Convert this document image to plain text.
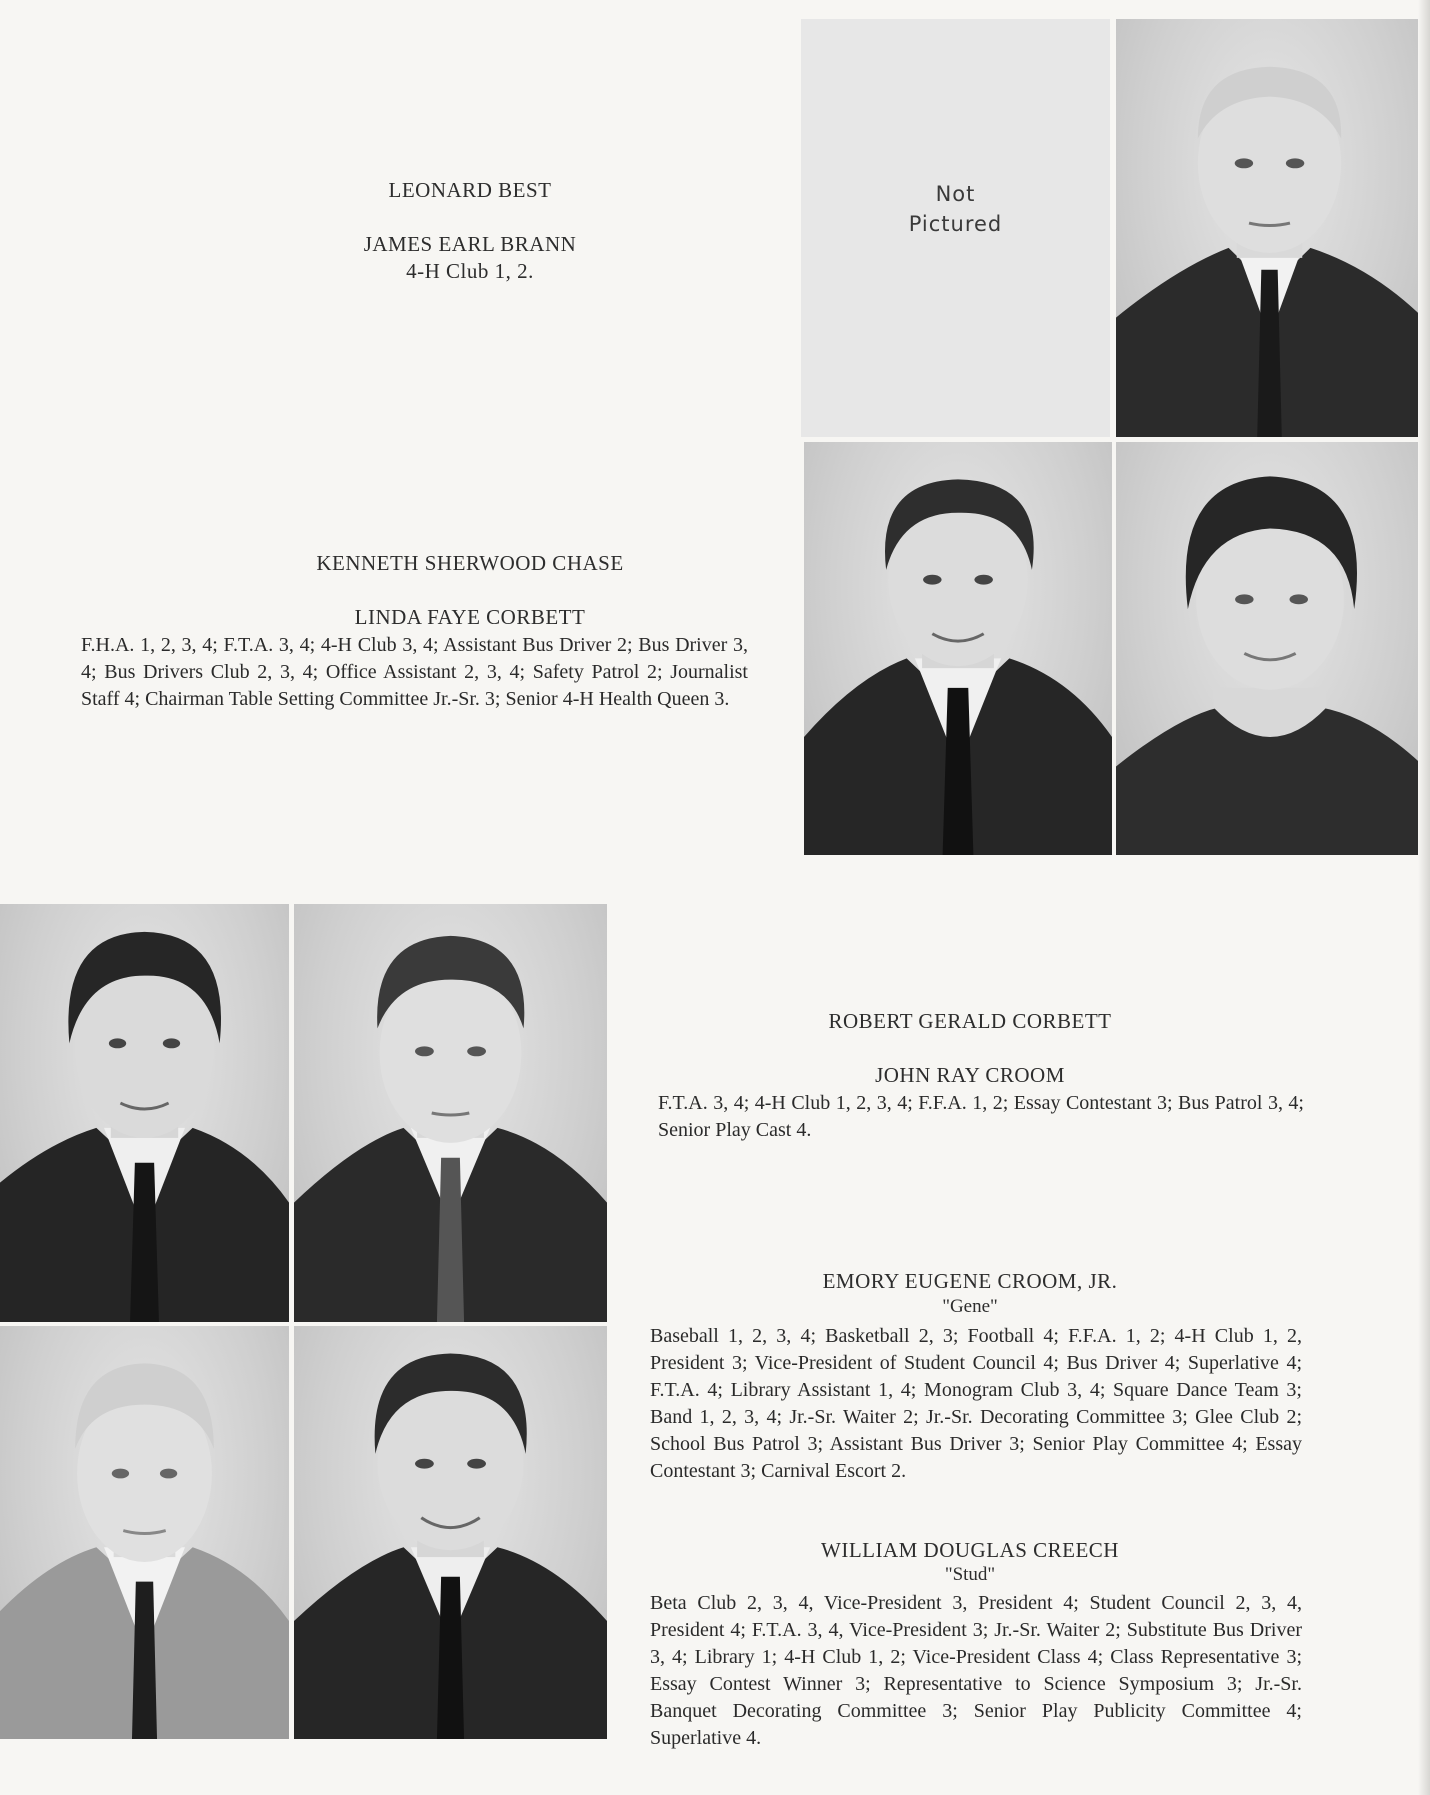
LEONARD BEST
JAMES EARL BRANN
4-H Club 1, 2.
Not
Pictured
KENNETH SHERWOOD CHASE
LINDA FAYE CORBETT
F.H.A. 1, 2, 3, 4; F.T.A. 3, 4; 4-H Club 3, 4; Assistant Bus Driver 2; Bus Driver 3, 4; Bus Drivers Club 2, 3, 4; Office Assistant 2, 3, 4; Safety Patrol 2; Journalist Staff 4; Chairman Table Setting Committee Jr.-Sr. 3; Senior 4-H Health Queen 3.
ROBERT GERALD CORBETT
JOHN RAY CROOM
F.T.A. 3, 4; 4-H Club 1, 2, 3, 4; F.F.A. 1, 2; Essay Contestant 3; Bus Patrol 3, 4; Senior Play Cast 4.
EMORY EUGENE CROOM, JR.
"Gene"
Baseball 1, 2, 3, 4; Basketball 2, 3; Football 4; F.F.A. 1, 2; 4-H Club 1, 2, President 3; Vice-President of Student Council 4; Bus Driver 4; Superlative 4; F.T.A. 4; Library Assistant 1, 4; Monogram Club 3, 4; Square Dance Team 3; Band 1, 2, 3, 4; Jr.-Sr. Waiter 2; Jr.-Sr. Decorating Committee 3; Glee Club 2; School Bus Patrol 3; Assistant Bus Driver 3; Senior Play Committee 4; Essay Contestant 3; Carnival Escort 2.
WILLIAM DOUGLAS CREECH
"Stud"
Beta Club 2, 3, 4, Vice-President 3, President 4; Student Council 2, 3, 4, President 4; F.T.A. 3, 4, Vice-President 3; Jr.-Sr. Waiter 2; Substitute Bus Driver 3, 4; Library 1; 4-H Club 1, 2; Vice-President Class 4; Class Representative 3; Essay Contest Winner 3; Representative to Science Symposium 3; Jr.-Sr. Banquet Decorating Committee 3; Senior Play Publicity Committee 4; Superlative 4.
